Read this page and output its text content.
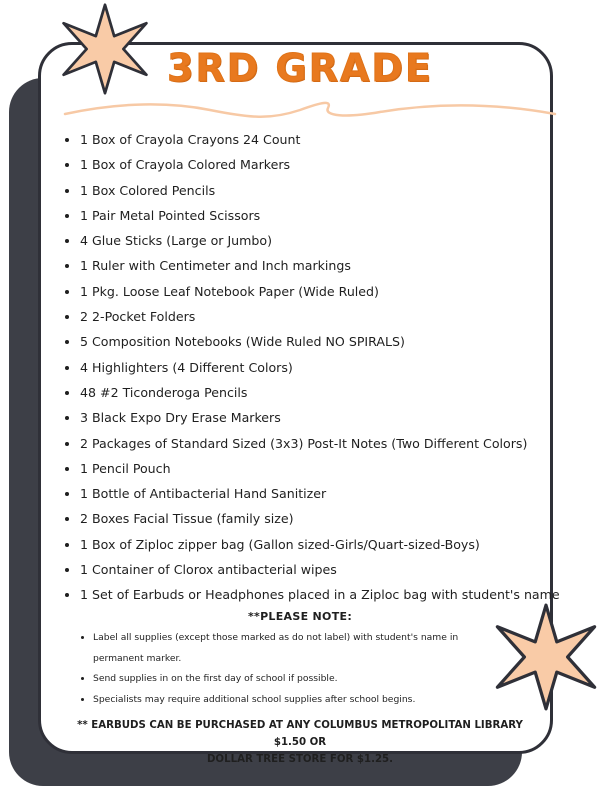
3RD GRADE
• 1 Box of Crayola Crayons 24 Count
• 1 Box of Crayola Colored Markers
• 1 Box Colored Pencils
• 1 Pair Metal Pointed Scissors
• 4 Glue Sticks (Large or Jumbo)
• 1 Ruler with Centimeter and Inch markings
• 1 Pkg. Loose Leaf Notebook Paper (Wide Ruled)
• 2 2-Pocket Folders
• 5 Composition Notebooks (Wide Ruled NO SPIRALS)
• 4 Highlighters (4 Different Colors)
• 48 #2 Ticonderoga Pencils
• 3 Black Expo Dry Erase Markers
• 2 Packages of Standard Sized (3x3) Post-It Notes (Two Different Colors)
• 1 Pencil Pouch
• 1 Bottle of Antibacterial Hand Sanitizer
• 2 Boxes Facial Tissue (family size)
• 1 Box of Ziploc zipper bag (Gallon sized-Girls/Quart-sized-Boys)
• 1 Container of Clorox antibacterial wipes
• 1 Set of Earbuds or Headphones placed in a Ziploc bag with student's name
**PLEASE NOTE:
• Label all supplies (except those marked as do not label) with student's name in permanent marker.
• Send supplies in on the first day of school if possible.
• Specialists may require additional school supplies after school begins.
** EARBUDS CAN BE PURCHASED AT ANY COLUMBUS METROPOLITAN LIBRARY $1.50 OR
DOLLAR TREE STORE FOR $1.25.
